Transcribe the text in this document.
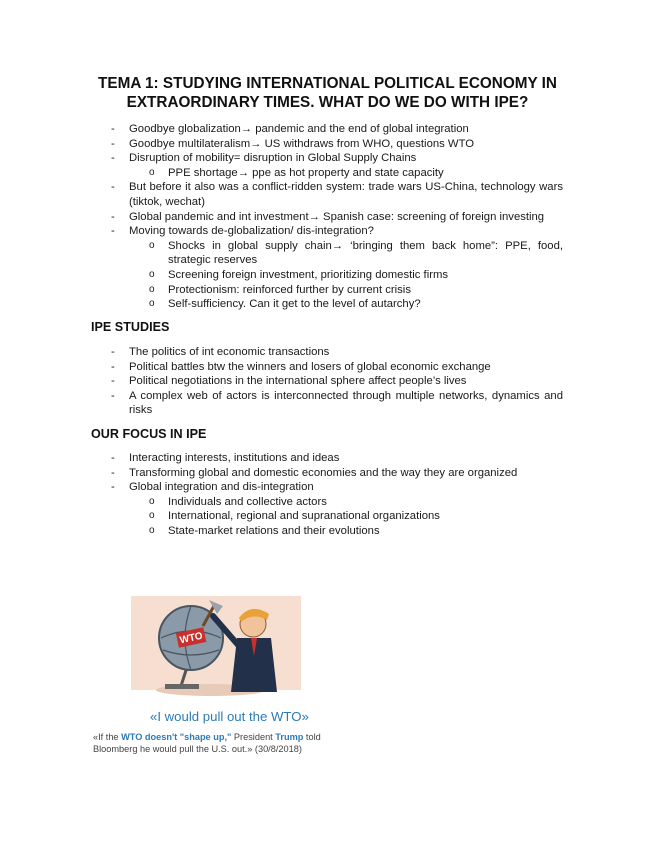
TEMA 1: STUDYING INTERNATIONAL POLITICAL ECONOMY IN EXTRAORDINARY TIMES. WHAT DO WE DO WITH IPE?
- Goodbye globalization→ pandemic and the end of global integration
- Goodbye multilateralism→ US withdraws from WHO, questions WTO
- Disruption of mobility= disruption in Global Supply Chains
o PPE shortage→ ppe as hot property and state capacity
- But before it also was a conflict-ridden system: trade wars US-China, technology wars (tiktok, wechat)
- Global pandemic and int investment→ Spanish case: screening of foreign investing
- Moving towards de-globalization/ dis-integration?
o Shocks in global supply chain→ ‘bringing them back home”: PPE, food, strategic reserves
o Screening foreign investment, prioritizing domestic firms
o Protectionism: reinforced further by current crisis
o Self-sufficiency. Can it get to the level of autarchy?
IPE STUDIES
- The politics of int economic transactions
- Political battles btw the winners and losers of global economic exchange
- Political negotiations in the international sphere affect people’s lives
- A complex web of actors is interconnected through multiple networks, dynamics and risks
OUR FOCUS IN IPE
- Interacting interests, institutions and ideas
- Transforming global and domestic economies and the way they are organized
- Global integration and dis-integration
o Individuals and collective actors
o International, regional and supranational organizations
o State-market relations and their evolutions
WTO
«I would pull out the WTO»
«If the WTO doesn't "shape up," President Trump told Bloomberg he would pull the U.S. out.» (30/8/2018)
